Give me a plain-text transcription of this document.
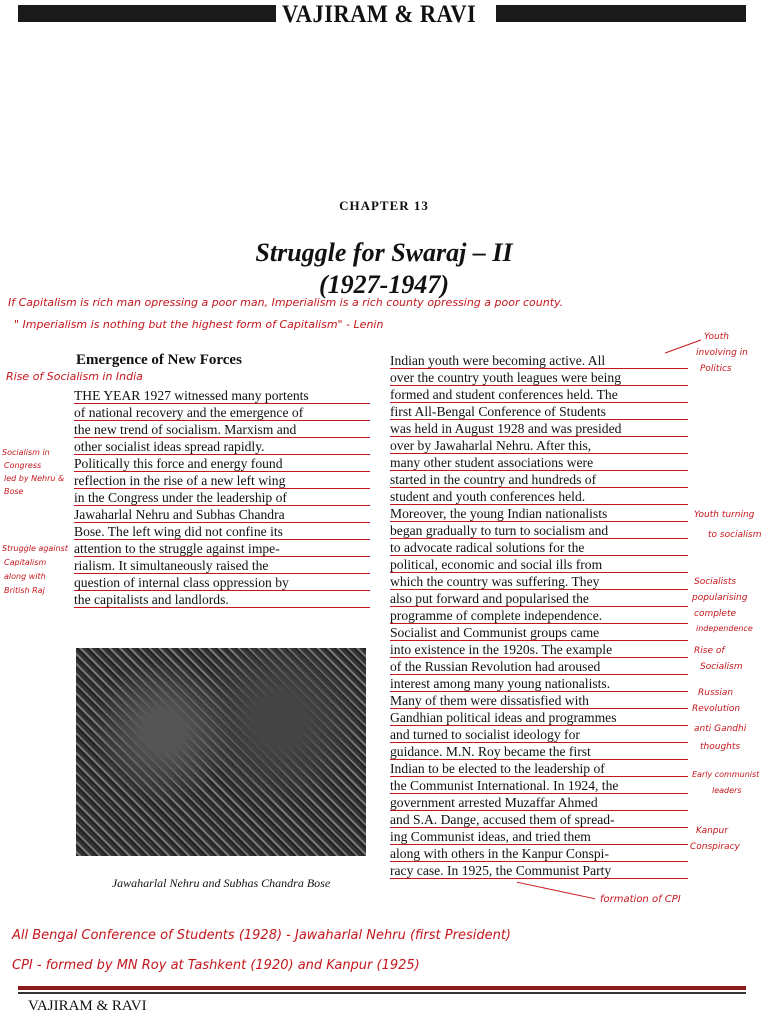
VAJIRAM & RAVI
CHAPTER 13
Struggle for Swaraj – II
(1927-1947)
If Capitalism is rich man opressing a poor man, Imperialism is a rich county opressing a poor county.
" Imperialism is nothing but the highest form of Capitalism" - Lenin
Emergence of New Forces
THE YEAR 1927 witnessed many portents
of national recovery and the emergence of
the new trend of socialism. Marxism and
other socialist ideas spread rapidly.
Politically this force and energy found
reflection in the rise of a new left wing
in the Congress under the leadership of
Jawaharlal Nehru and Subhas Chandra
Bose. The left wing did not confine its
attention to the struggle against impe-
rialism. It simultaneously raised the
question of internal class oppression by
the capitalists and landlords.
Indian youth were becoming active. All
over the country youth leagues were being
formed and student conferences held. The
first All-Bengal Conference of Students
was held in August 1928 and was presided
over by Jawaharlal Nehru. After this,
many other student associations were
started in the country and hundreds of
student and youth conferences held.
Moreover, the young Indian nationalists
began gradually to turn to socialism and
to advocate radical solutions for the
political, economic and social ills from
which the country was suffering. They
also put forward and popularised the
programme of complete independence.
Socialist and Communist groups came
into existence in the 1920s. The example
of the Russian Revolution had aroused
interest among many young nationalists.
Many of them were dissatisfied with
Gandhian political ideas and programmes
and turned to socialist ideology for
guidance. M.N. Roy became the first
Indian to be elected to the leadership of
the Communist International. In 1924, the
government arrested Muzaffar Ahmed
and S.A. Dange, accused them of spread-
ing Communist ideas, and tried them
along with others in the Kanpur Conspi-
racy case. In 1925, the Communist Party
Jawaharlal Nehru and Subhas Chandra Bose
Rise of Socialism in India
Socialism in
Congress
led by Nehru &
Bose
Struggle against
Capitalism
along with
British Raj
Youth
involving in
Politics
Youth turning
to socialism
Socialists
popularising
complete
independence
Rise of
Socialism
Russian
Revolution
anti Gandhi
thoughts
Early communist
leaders
Kanpur
Conspiracy
formation of CPI
All Bengal Conference of Students (1928) - Jawaharlal Nehru (first President)
CPI - formed by MN Roy at Tashkent (1920) and Kanpur (1925)
VAJIRAM & RAVI
